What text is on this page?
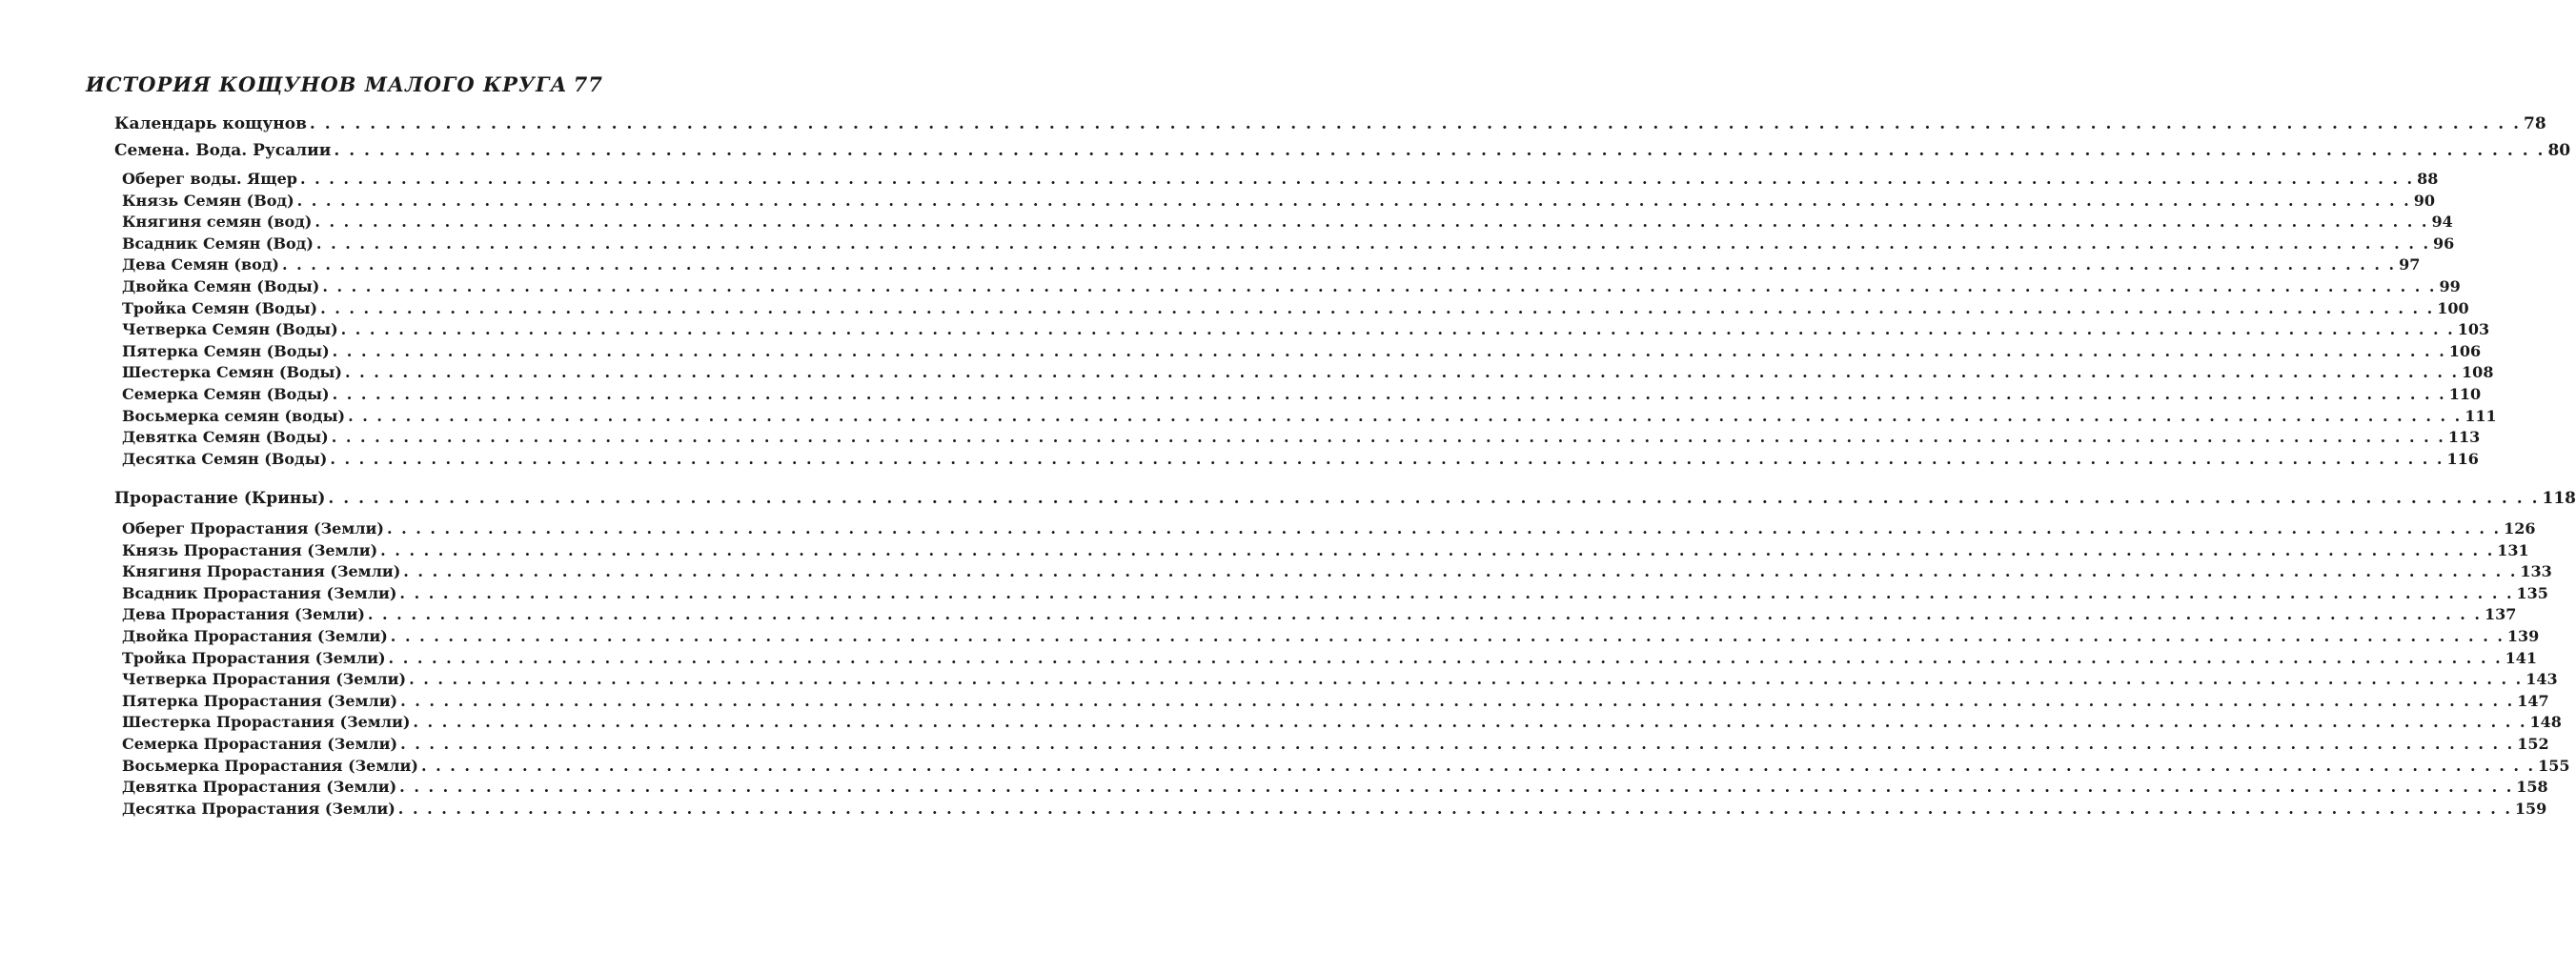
ИСТОРИЯ КОЩУНОВ МАЛОГО КРУГА 77
Календарь кощунов . . .	78
Семена. Вода. Русалии . . .	80
Оберег воды. Ящер . . .	88
Князь Семян (Вод) . . .	90
Княгиня семян (вод) . . .	94
Всадник Семян (Вод) . . .	96
Дева Семян (вод) . . .	97
Двойка Семян (Воды) . . .	99
Тройка Семян (Воды) . . .	100
Четверка Семян (Воды) . . .	103
Пятерка Семян (Воды) . . .	106
Шестерка Семян (Воды) . . .	108
Семерка Семян (Воды) . . .	110
Восьмерка семян (воды) . . .	111
Девятка Семян (Воды) . . .	113
Десятка Семян (Воды) . . .	116
Прорастание (Крины) . . .	118
Оберег Прорастания (Земли) . . .	126
Князь Прорастания (Земли) . . .	131
Княгиня Прорастания (Земли) . . .	133
Всадник Прорастания (Земли) . . .	135
Дева Прорастания (Земли) . . .	137
Двойка Прорастания (Земли) . . .	139
Тройка Прорастания (Земли) . . .	141
Четверка Прорастания (Земли) . . .	143
Пятерка Прорастания (Земли) . . .	147
Шестерка Прорастания (Земли) . . .	148
Семерка Прорастания (Земли) . . .	152
Восьмерка Прорастания (Земли) . . .	155
Девятка Прорастания (Земли) . . .	158
Десятка Прорастания (Земли) . . .	159
